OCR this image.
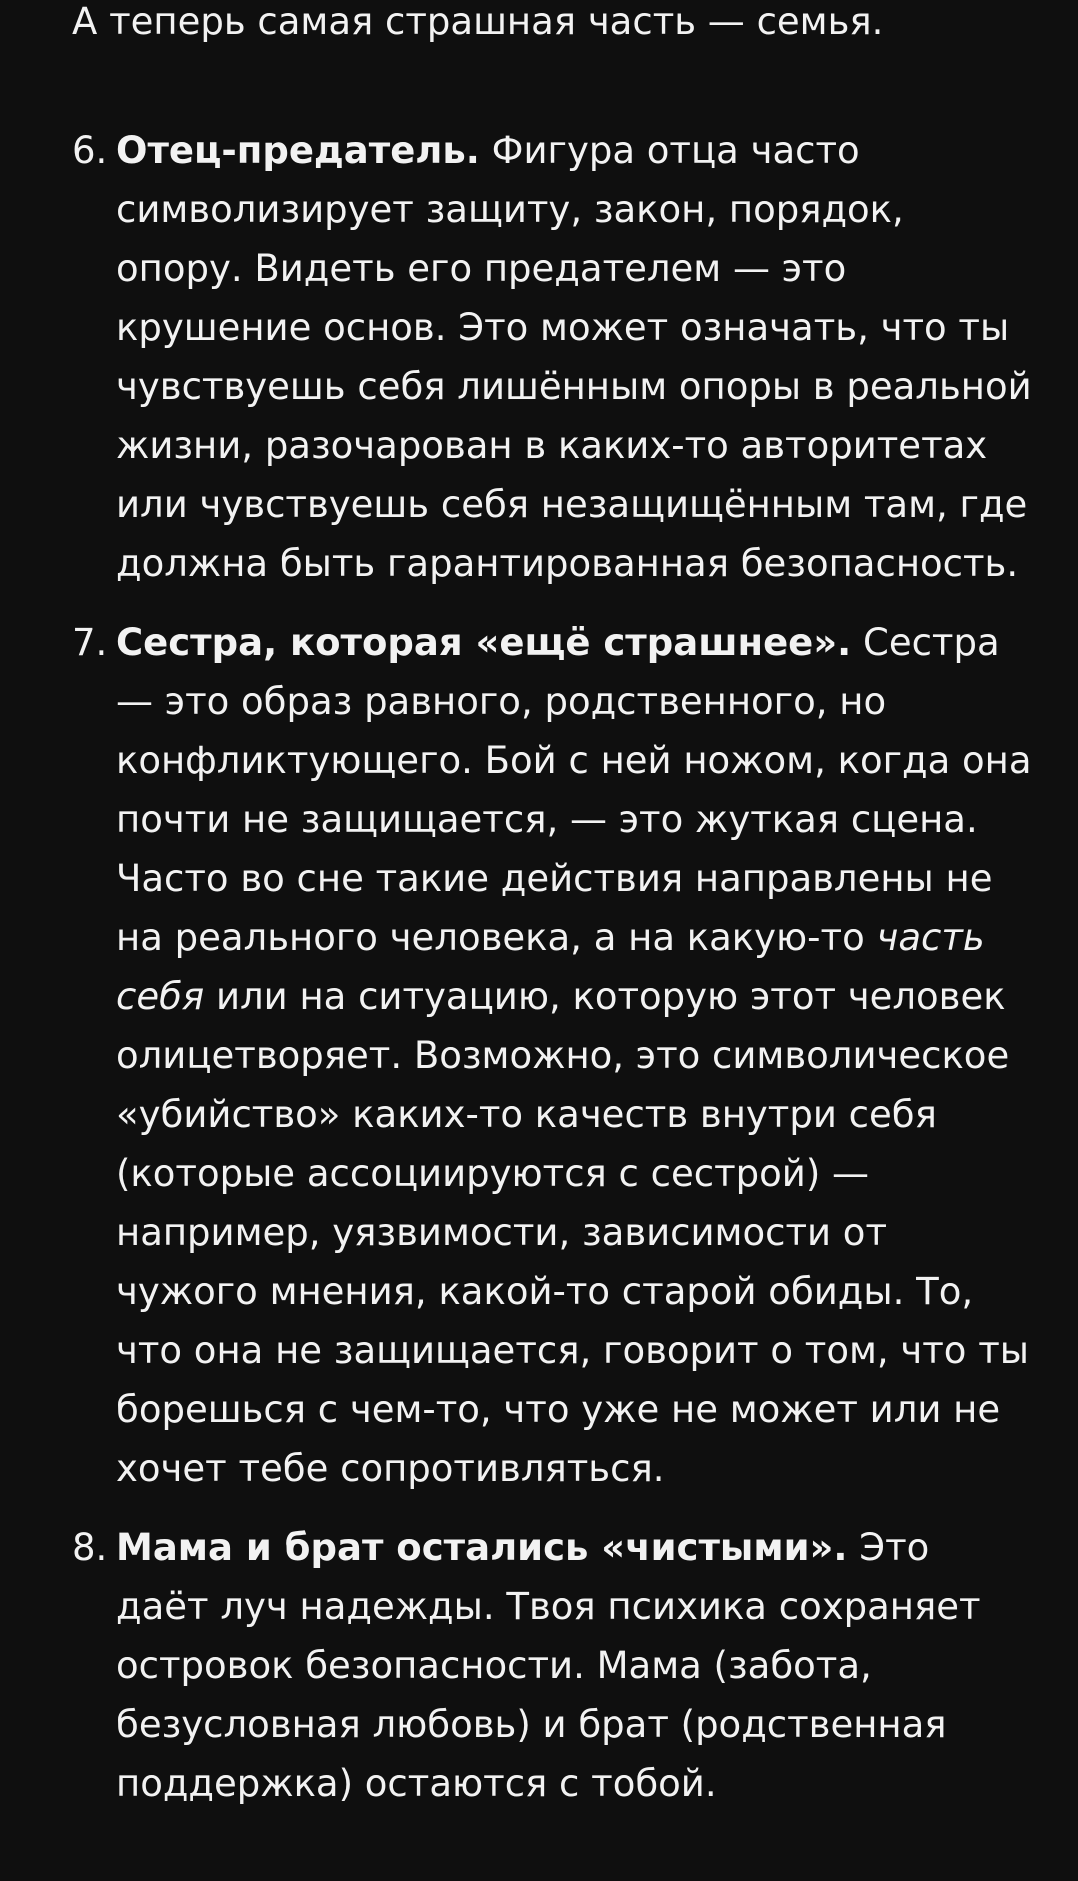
А теперь самая страшная часть — семья.

6. Отец-предатель. Фигура отца часто символизирует защиту, закон, порядок, опору. Видеть его предателем — это крушение основ. Это может означать, что ты чувствуешь себя лишённым опоры в реальной жизни, разочарован в каких-то авторитетах или чувствуешь себя незащищённым там, где должна быть гарантированная безопасность.
7. Сестра, которая «ещё страшнее». Сестра — это образ равного, родственного, но конфликтующего. Бой с ней ножом, когда она почти не защищается, — это жуткая сцена. Часто во сне такие действия направлены не на реального человека, а на какую-то часть себя или на ситуацию, которую этот человек олицетворяет. Возможно, это символическое «убийство» каких-то качеств внутри себя (которые ассоциируются с сестрой) — например, уязвимости, зависимости от чужого мнения, какой-то старой обиды. То, что она не защищается, говорит о том, что ты борешься с чем-то, что уже не может или не хочет тебе сопротивляться.
8. Мама и брат остались «чистыми». Это даёт луч надежды. Твоя психика сохраняет островок безопасности. Мама (забота, безусловная любовь) и брат (родственная поддержка) остаются с тобой.
